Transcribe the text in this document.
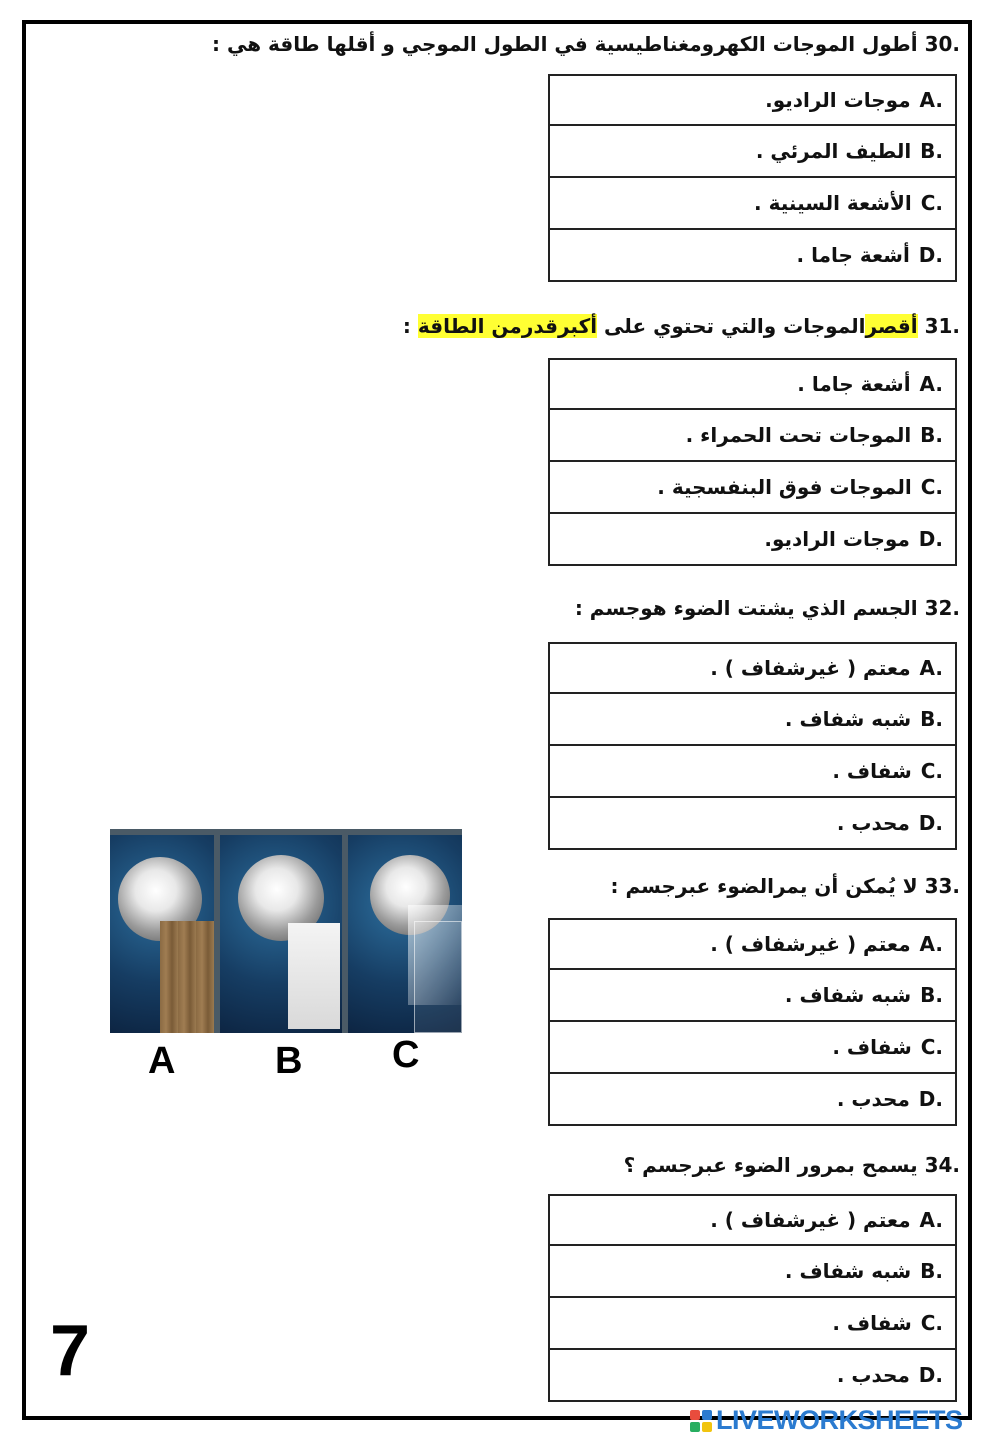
30. أطول الموجات الكهرومغناطيسية في الطول الموجي و أقلها طاقة هي :
A.

موجات الراديو.
B.

الطيف المرئي .
C.

الأشعة السينية .
D.

أشعة جاما .
31. أقصرالموجات والتي تحتوي على أكبرقدرمن الطاقة :
A.

أشعة جاما .
B.

الموجات تحت الحمراء .
C.

الموجات فوق البنفسجية .
D.

موجات الراديو.
32. الجسم الذي يشتت الضوء هوجسم :
A.

معتم ( غيرشفاف ) .
B.

شبه شفاف .
C.

شفاف .
D.

محدب .
33. لا يُمكن أن يمرالضوء عبرجسم :
A.

معتم ( غيرشفاف ) .
B.

شبه شفاف .
C.

شفاف .
D.

محدب .
34. يسمح بمرور الضوء عبرجسم ؟
A.

معتم ( غيرشفاف ) .
B.

شبه شفاف .
C.

شفاف .
D.

محدب .
A	B C
7
LIVEWORKSHEETS
